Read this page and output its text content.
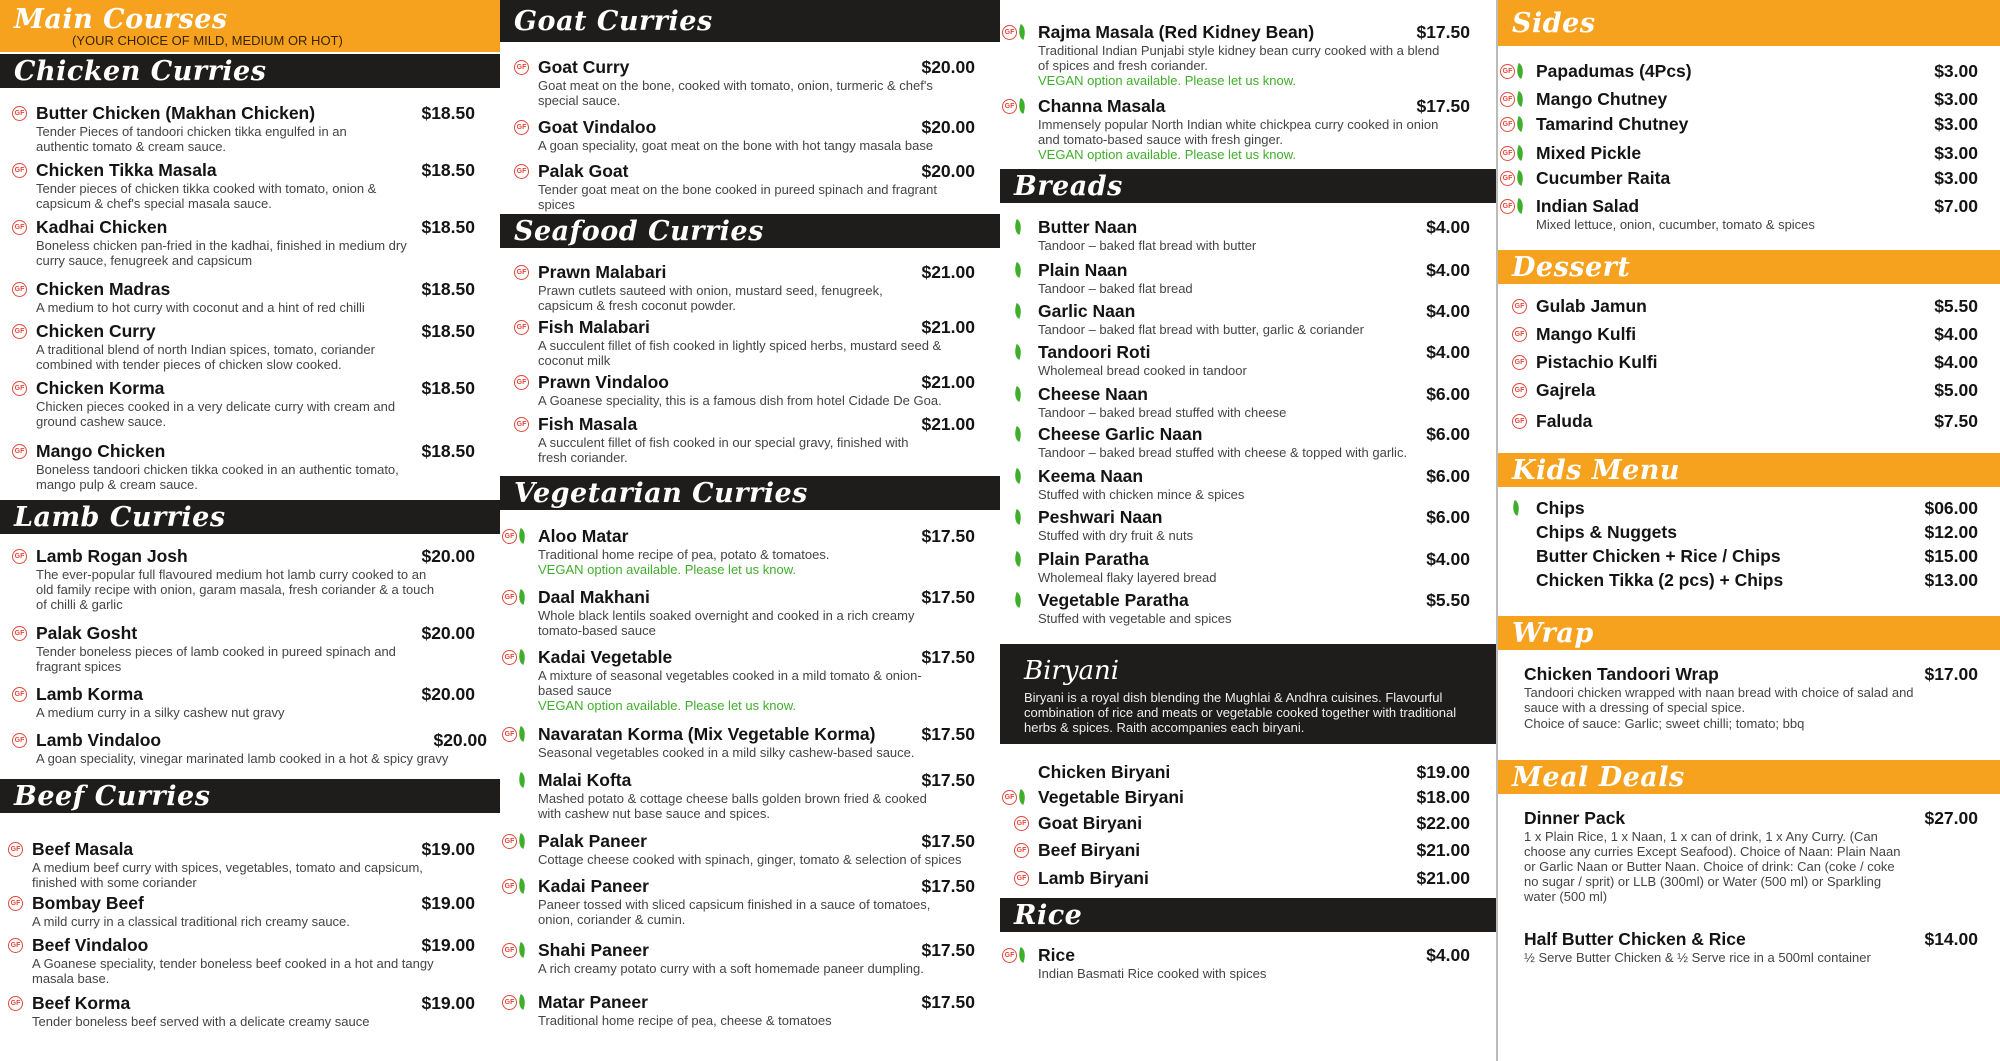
Main Courses
(YOUR CHOICE OF MILD, MEDIUM OR HOT)
Chicken Curries
GF Butter Chicken (Makhan Chicken)	$18.50
Tender Pieces of tandoori chicken tikka engulfed in an authentic tomato & cream sauce.
GF Chicken Tikka Masala	$18.50
Tender pieces of chicken tikka cooked with tomato, onion & capsicum & chef's special masala sauce.
GF Kadhai Chicken	$18.50
Boneless chicken pan-fried in the kadhai, finished in medium dry curry sauce, fenugreek and capsicum
GF Chicken Madras	$18.50
A medium to hot curry with coconut and a hint of red chilli
GF Chicken Curry	$18.50
A traditional blend of north Indian spices, tomato, coriander combined with tender pieces of chicken slow cooked.
GF Chicken Korma	$18.50
Chicken pieces cooked in a very delicate curry with cream and ground cashew sauce.
GF Mango Chicken	$18.50
Boneless tandoori chicken tikka cooked in an authentic tomato, mango pulp & cream sauce.
Lamb Curries
GF Lamb Rogan Josh	$20.00
The ever-popular full flavoured medium hot lamb curry cooked to an old family recipe with onion, garam masala, fresh coriander & a touch of chilli & garlic
GF Palak Gosht	$20.00
Tender boneless pieces of lamb cooked in pureed spinach and fragrant spices
GF Lamb Korma	$20.00
A medium curry in a silky cashew nut gravy
GF Lamb Vindaloo	$20.00
A goan speciality, vinegar marinated lamb cooked in a hot & spicy gravy
Beef Curries
GF Beef Masala	$19.00
A medium beef curry with spices, vegetables, tomato and capsicum, finished with some coriander
GF Bombay Beef	$19.00
A mild curry in a classical traditional rich creamy sauce.
GF Beef Vindaloo	$19.00
A Goanese speciality, tender boneless beef cooked in a hot and tangy masala base.
GF Beef Korma	$19.00
Tender boneless beef served with a delicate creamy sauce
Goat Curries
GF Goat Curry	$20.00
Goat meat on the bone, cooked with tomato, onion, turmeric & chef's special sauce.
GF Goat Vindaloo	$20.00
A goan speciality, goat meat on the bone with hot tangy masala base
GF Palak Goat	$20.00
Tender goat meat on the bone cooked in pureed spinach and fragrant spices
Seafood Curries
GF Prawn Malabari	$21.00
Prawn cutlets sauteed with onion, mustard seed, fenugreek, capsicum & fresh coconut powder.
GF Fish Malabari	$21.00
A succulent fillet of fish cooked in lightly spiced herbs, mustard seed & coconut milk
GF Prawn Vindaloo	$21.00
A Goanese speciality, this is a famous dish from hotel Cidade De Goa.
GF Fish Masala	$21.00
A succulent fillet of fish cooked in our special gravy, finished with fresh coriander.
Vegetarian Curries
GF Aloo Matar	$17.50
Traditional home recipe of pea, potato & tomatoes.
VEGAN option available. Please let us know.
GF Daal Makhani	$17.50
Whole black lentils soaked overnight and cooked in a rich creamy tomato-based sauce
GF Kadai Vegetable	$17.50
A mixture of seasonal vegetables cooked in a mild tomato & onion-based sauce
VEGAN option available. Please let us know.
GF Navaratan Korma (Mix Vegetable Korma)	$17.50
Seasonal vegetables cooked in a mild silky cashew-based sauce.
Malai Kofta	$17.50
Mashed potato & cottage cheese balls golden brown fried & cooked with cashew nut base sauce and spices.
GF Palak Paneer	$17.50
Cottage cheese cooked with spinach, ginger, tomato & selection of spices
GF Kadai Paneer	$17.50
Paneer tossed with sliced capsicum finished in a sauce of tomatoes, onion, coriander & cumin.
GF Shahi Paneer	$17.50
A rich creamy potato curry with a soft homemade paneer dumpling.
GF Matar Paneer	$17.50
Traditional home recipe of pea, cheese & tomatoes
GF Rajma Masala (Red Kidney Bean)	$17.50
Traditional Indian Punjabi style kidney bean curry cooked with a blend of spices and fresh coriander.
VEGAN option available. Please let us know.
GF Channa Masala	$17.50
Immensely popular North Indian white chickpea curry cooked in onion and tomato-based sauce with fresh ginger.
VEGAN option available. Please let us know.
Breads
Butter Naan	$4.00
Tandoor – baked flat bread with butter
Plain Naan	$4.00
Tandoor – baked flat bread
Garlic Naan	$4.00
Tandoor – baked flat bread with butter, garlic & coriander
Tandoori Roti	$4.00
Wholemeal bread cooked in tandoor
Cheese Naan	$6.00
Tandoor – baked bread stuffed with cheese
Cheese Garlic Naan	$6.00
Tandoor – baked bread stuffed with cheese & topped with garlic.
Keema Naan	$6.00
Stuffed with chicken mince & spices
Peshwari Naan	$6.00
Stuffed with dry fruit & nuts
Plain Paratha	$4.00
Wholemeal flaky layered bread
Vegetable Paratha	$5.50
Stuffed with vegetable and spices
Biryani
Biryani is a royal dish blending the Mughlai & Andhra cuisines. Flavourful combination of rice and meats or vegetable cooked together with traditional herbs & spices. Raith accompanies each biryani.
Chicken Biryani	$19.00
GF Vegetable Biryani	$18.00
GF Goat Biryani	$22.00
GF Beef Biryani	$21.00
GF Lamb Biryani	$21.00
Rice
GF Rice	$4.00
Indian Basmati Rice cooked with spices
Sides
GF Papadumas (4Pcs)	$3.00
GF Mango Chutney	$3.00
GF Tamarind Chutney	$3.00
GF Mixed Pickle	$3.00
GF Cucumber Raita	$3.00
GF Indian Salad	$7.00
Mixed lettuce, onion, cucumber, tomato & spices
Dessert
GF Gulab Jamun	$5.50
GF Mango Kulfi	$4.00
GF Pistachio Kulfi	$4.00
GF Gajrela	$5.00
GF Faluda	$7.50
Kids Menu
Chips	$06.00
Chips & Nuggets	$12.00
Butter Chicken + Rice / Chips	$15.00
Chicken Tikka (2 pcs) + Chips	$13.00
Wrap
Chicken Tandoori Wrap	$17.00
Tandoori chicken wrapped with naan bread with choice of salad and sauce with a dressing of special spice.
Choice of sauce: Garlic; sweet chilli; tomato; bbq
Meal Deals
Dinner Pack	$27.00
1 x Plain Rice, 1 x Naan, 1 x can of drink, 1 x Any Curry. (Can choose any curries Except Seafood). Choice of Naan: Plain Naan or Garlic Naan or Butter Naan. Choice of drink: Can (coke / coke no sugar / sprit) or LLB (300ml) or Water (500 ml) or Sparkling water (500 ml)
Half Butter Chicken & Rice	$14.00
½ Serve Butter Chicken & ½ Serve rice in a 500ml container
